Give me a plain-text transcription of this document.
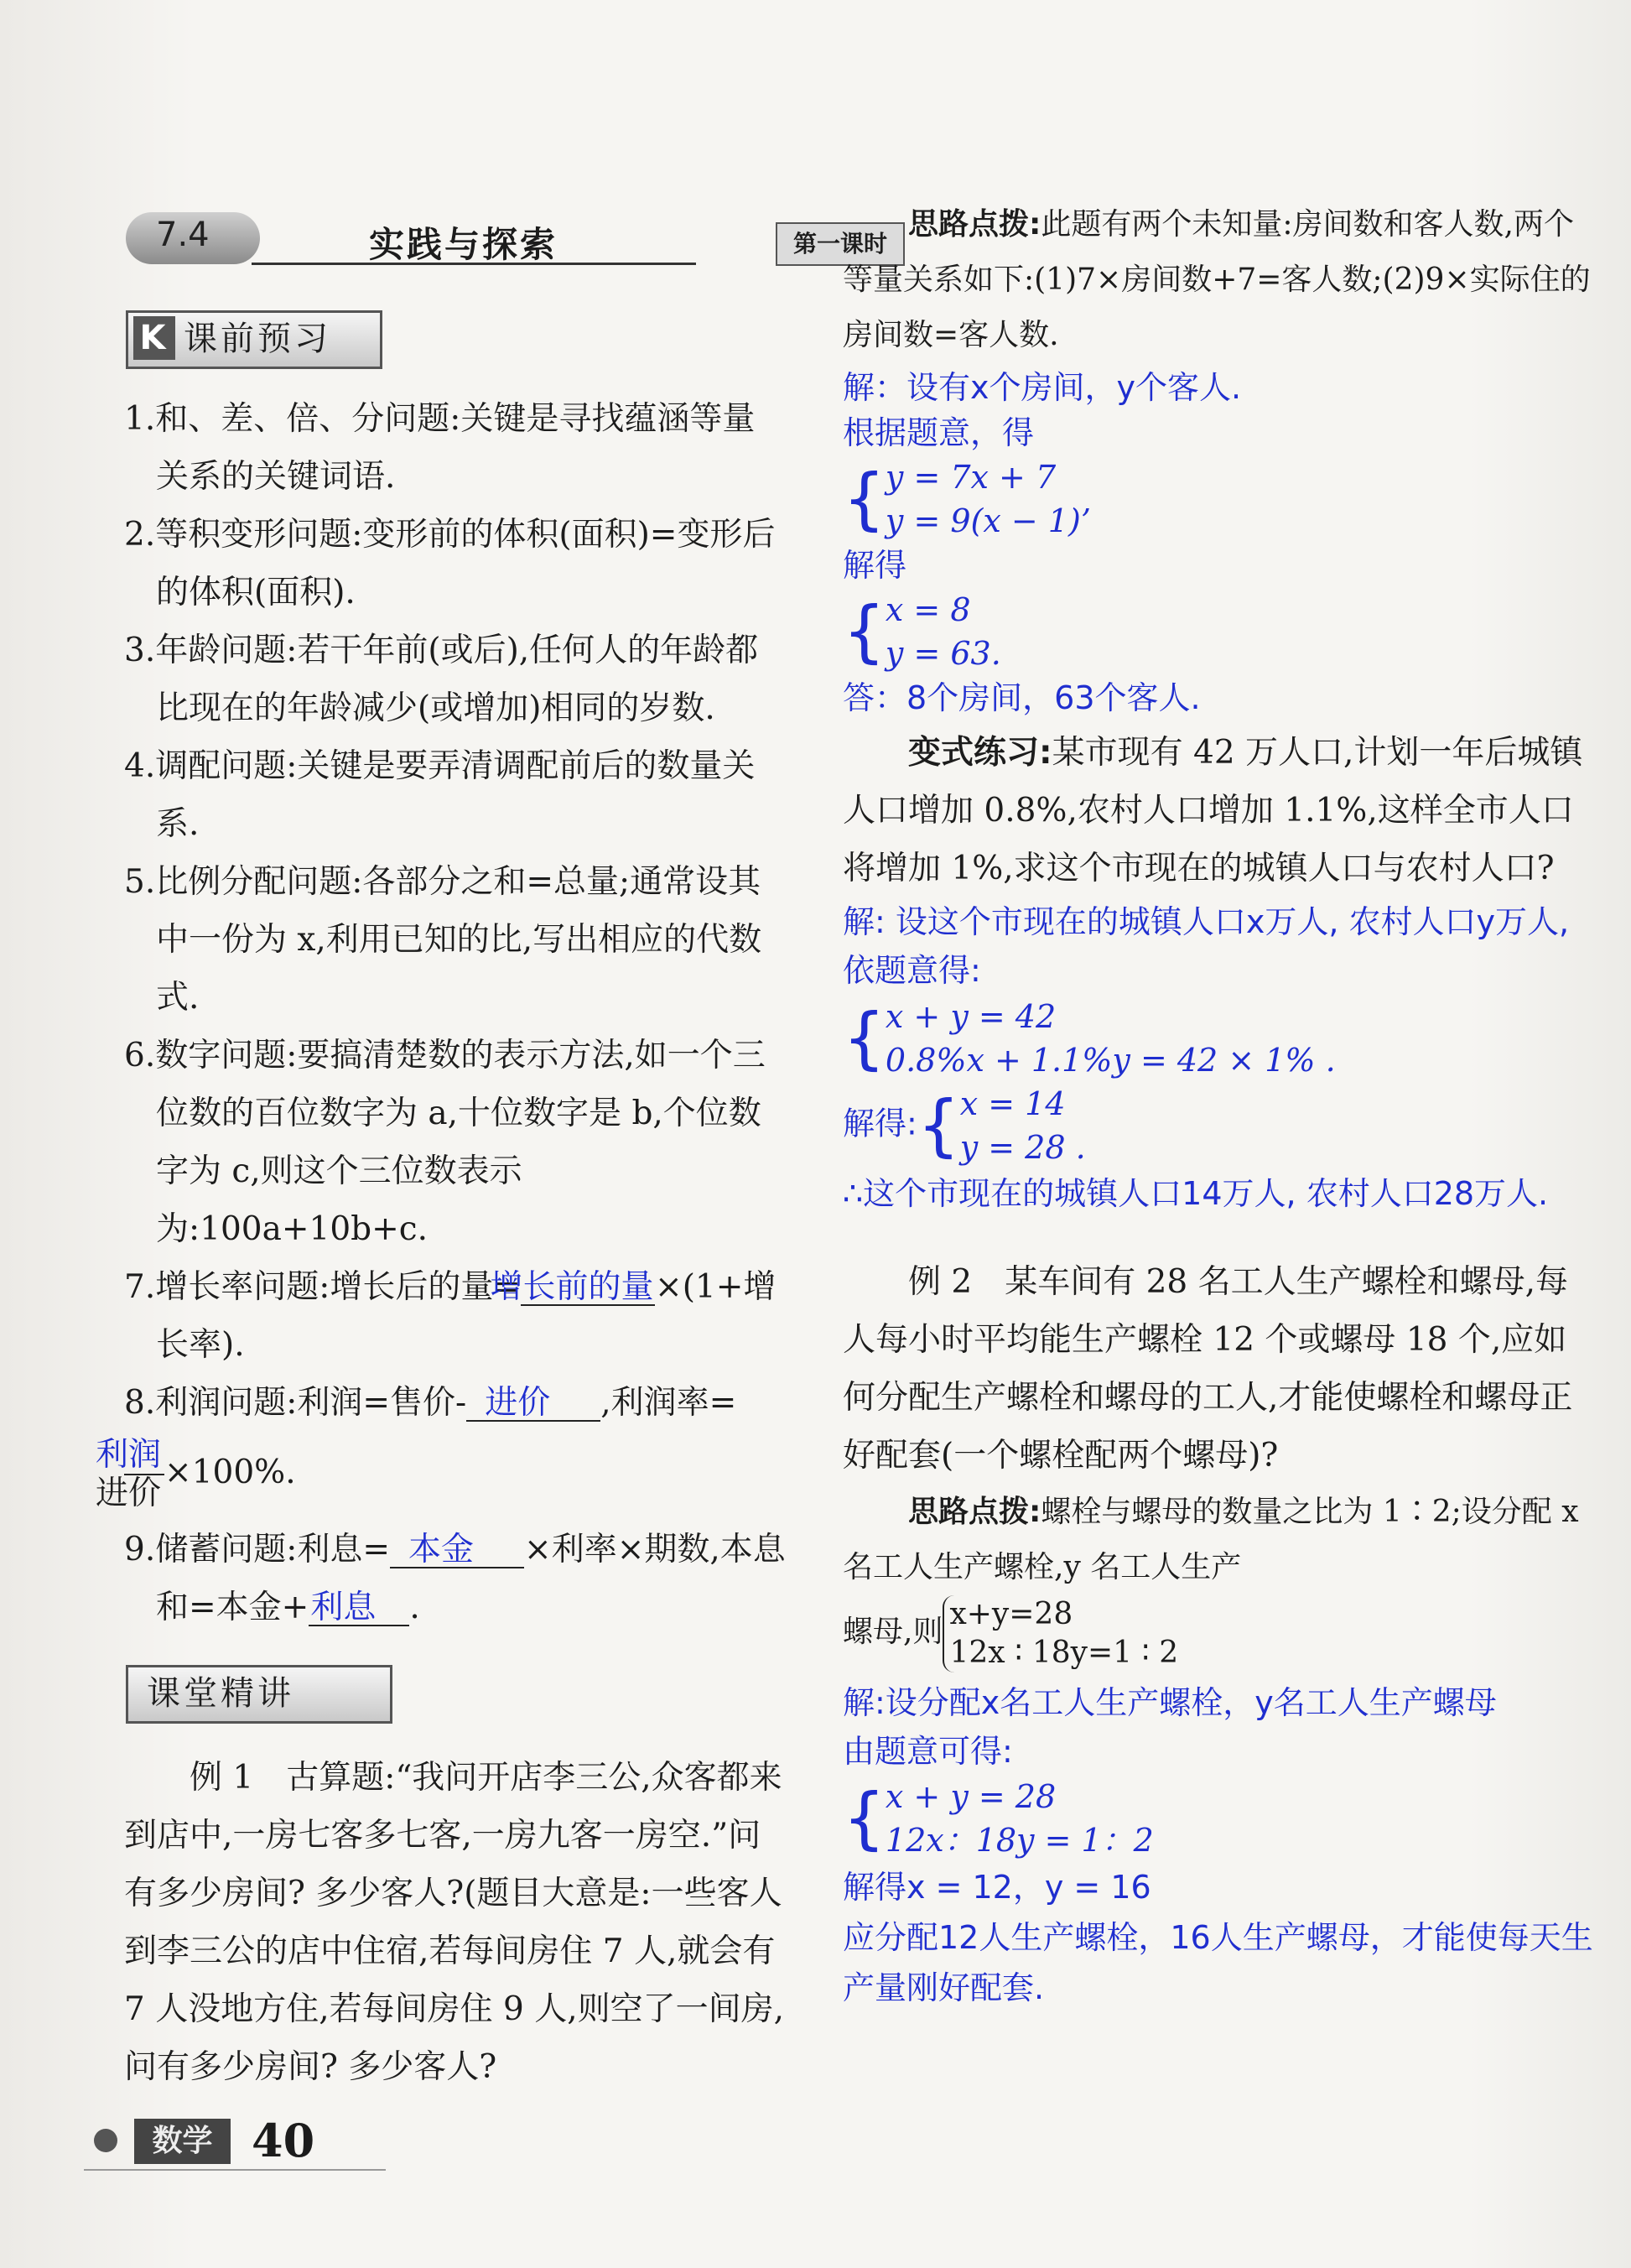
7.4	实践与探索	第一课时
K 课前预习

1.和、差、倍、分问题:关键是寻找蕴涵等量关系的关键词语.

2.等积变形问题:变形前的体积(面积)=变形后的体积(面积).

3.年龄问题:若干年前(或后),任何人的年龄都比现在的年龄减少(或增加)相同的岁数.

4.调配问题:关键是要弄清调配前后的数量关系.

5.比例分配问题:各部分之和=总量;通常设其中一份为 x,利用已知的比,写出相应的代数式.

6.数字问题:要搞清楚数的表示方法,如一个三位数的百位数字为 a,十位数字是 b,个位数字为 c,则这个三位数表示为:100a+10b+c.

7.增长率问题:增长后的量=增长前的量×(1+增长率).

8.利润问题:利润=售价- 进价 ,利润率=

$\frac{\text{利润}}{\text{进价}} \times 100\%$.

9.储蓄问题:利息= 本金 ×利率×期数,本息和=本金+利息 .

课堂精讲

例 1　古算题:“我问开店李三公,众客都来到店中,一房七客多七客,一房九客一房空.”问有多少房间? 多少客人?(题目大意是:一些客人到李三公的店中住宿,若每间房住 7 人,就会有 7 人没地方住,若每间房住 9 人,则空了一间房,问有多少房间? 多少客人?

数学 40

思路点拨:此题有两个未知量:房间数和客人数,两个等量关系如下:(1)7×房间数+7=客人数;(2)9×实际住的房间数=客人数.

解：设有x个房间，y个客人.

根据题意，得

{ y = 7x + 7
y = 9(x − 1)’

解得

{ x = 8
y = 63.

答：8个房间，63个客人.

变式练习:某市现有 42 万人口,计划一年后城镇人口增加 0.8%,农村人口增加 1.1%,这样全市人口将增加 1%,求这个市现在的城镇人口与农村人口?

解: 设这个市现在的城镇人口x万人, 农村人口y万人, 依题意得:

{ x + y = 42
0.8%x + 1.1%y = 42 × 1% .
解得:{ x = 14
y = 28 .

∴这个市现在的城镇人口14万人, 农村人口28万人.

例 2　某车间有 28 名工人生产螺栓和螺母,每人每小时平均能生产螺栓 12 个或螺母 18 个,应如何分配生产螺栓和螺母的工人,才能使螺栓和螺母正好配套(一个螺栓配两个螺母)?

思路点拨:螺栓与螺母的数量之比为 1∶2;设分配 x 名工人生产螺栓,y 名工人生产

螺母,则
x+y=28
12x ∶ 18y=1 ∶ 2

解:设分配x名工人生产螺栓，y名工人生产螺母

由题意可得:

{ x + y = 28
12x：18y = 1：2

解得x = 12，y = 16

应分配12人生产螺栓，16人生产螺母，才能使每天生产量刚好配套.
